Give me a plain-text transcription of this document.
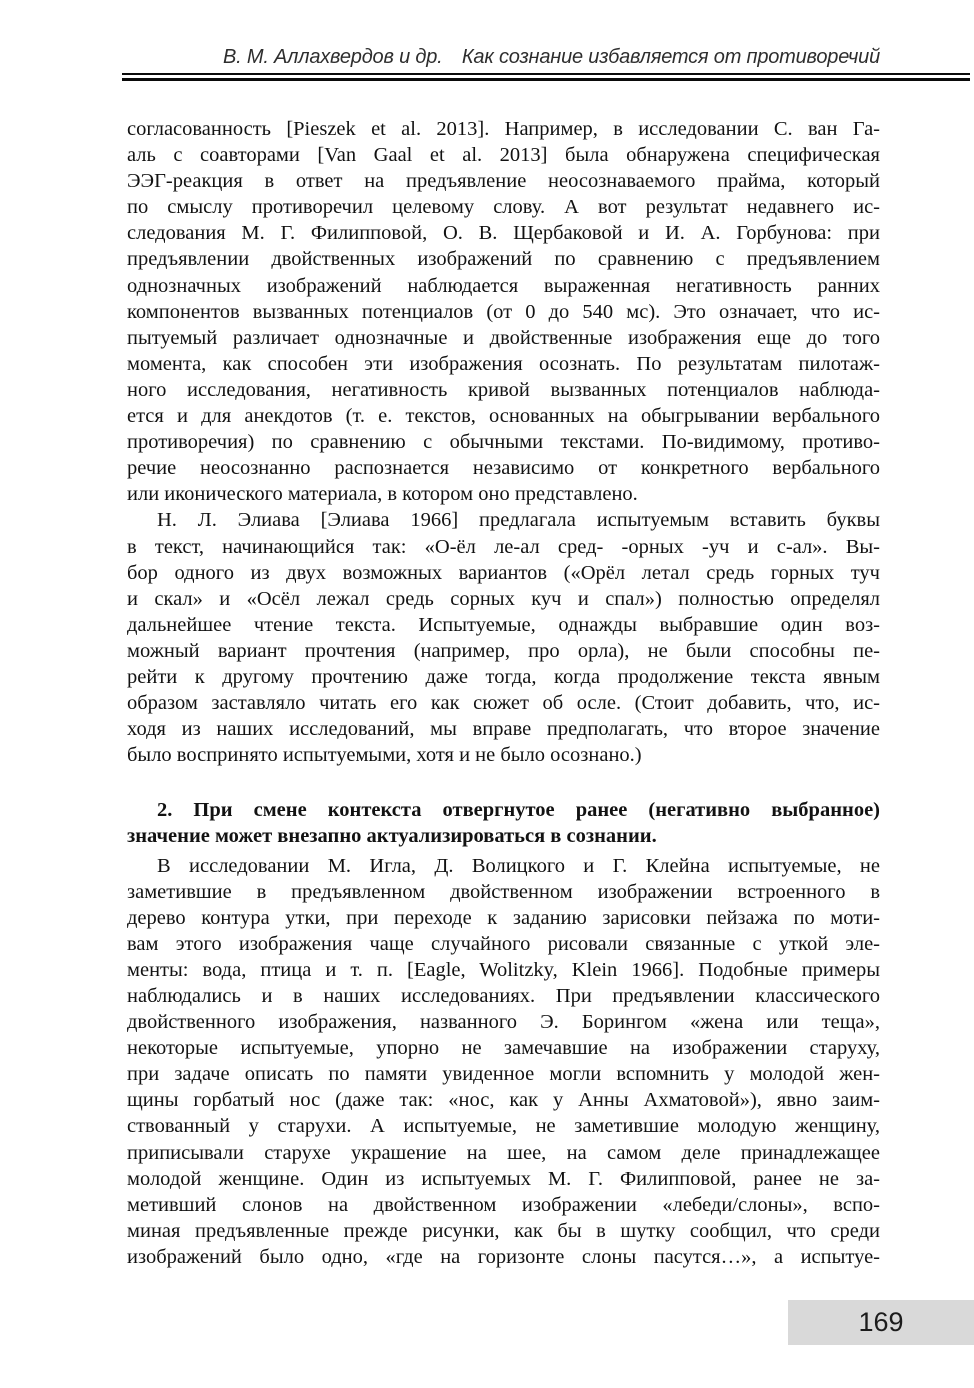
В. М. Аллахвердов и др. Как сознание избавляется от противоречий
согласованность [Pieszek et al. 2013]. Например, в исследовании С. ван Га-
аль с соавторами [Van Gaal et al. 2013] была обнаружена специфическая
ЭЭГ-реакция в ответ на предъявление неосознаваемого прайма, который
по смыслу противоречил целевому слову. А вот результат недавнего ис-
следования М. Г. Филипповой, О. В. Щербаковой и И. А. Горбунова: при
предъявлении двойственных изображений по сравнению с предъявлением
однозначных изображений наблюдается выраженная негативность ранних
компонентов вызванных потенциалов (от 0 до 540 мс). Это означает, что ис-
пытуемый различает однозначные и двойственные изображения еще до того
момента, как способен эти изображения осознать. По результатам пилотаж-
ного исследования, негативность кривой вызванных потенциалов наблюда-
ется и для анекдотов (т. е. текстов, основанных на обыгрывании вербального
противоречия) по сравнению с обычными текстами. По-видимому, противо-
речие неосознанно распознается независимо от конкретного вербального
или иконического материала, в котором оно представлено.
Н. Л. Элиава [Элиава 1966] предлагала испытуемым вставить буквы
в текст, начинающийся так: «О-ёл ле-ал сред- -орных -уч и с-ал». Вы-
бор одного из двух возможных вариантов («Орёл летал средь горных туч
и скал» и «Осёл лежал средь сорных куч и спал») полностью определял
дальнейшее чтение текста. Испытуемые, однажды выбравшие один воз-
можный вариант прочтения (например, про орла), не были способны пе-
рейти к другому прочтению даже тогда, когда продолжение текста явным
образом заставляло читать его как сюжет об осле. (Стоит добавить, что, ис-
ходя из наших исследований, мы вправе предполагать, что второе значение
было воспринято испытуемыми, хотя и не было осознано.)
2. При смене контекста отвергнутое ранее (негативно выбранное)
значение может внезапно актуализироваться в сознании.
В исследовании М. Игла, Д. Волицкого и Г. Клейна испытуемые, не
заметившие в предъявленном двойственном изображении встроенного в
дерево контура утки, при переходе к заданию зарисовки пейзажа по моти-
вам этого изображения чаще случайного рисовали связанные с уткой эле-
менты: вода, птица и т. п. [Eagle, Wolitzky, Klein 1966]. Подобные примеры
наблюдались и в наших исследованиях. При предъявлении классического
двойственного изображения, названного Э. Борингом «жена или теща»,
некоторые испытуемые, упорно не замечавшие на изображении старуху,
при задаче описать по памяти увиденное могли вспомнить у молодой жен-
щины горбатый нос (даже так: «нос, как у Анны Ахматовой»), явно заим-
ствованный у старухи. А испытуемые, не заметившие молодую женщину,
приписывали старухе украшение на шее, на самом деле принадлежащее
молодой женщине. Один из испытуемых М. Г. Филипповой, ранее не за-
метивший слонов на двойственном изображении «лебеди/слоны», вспо-
миная предъявленные прежде рисунки, как бы в шутку сообщил, что среди
изображений было одно, «где на горизонте слоны пасутся…», а испытуе-
169
